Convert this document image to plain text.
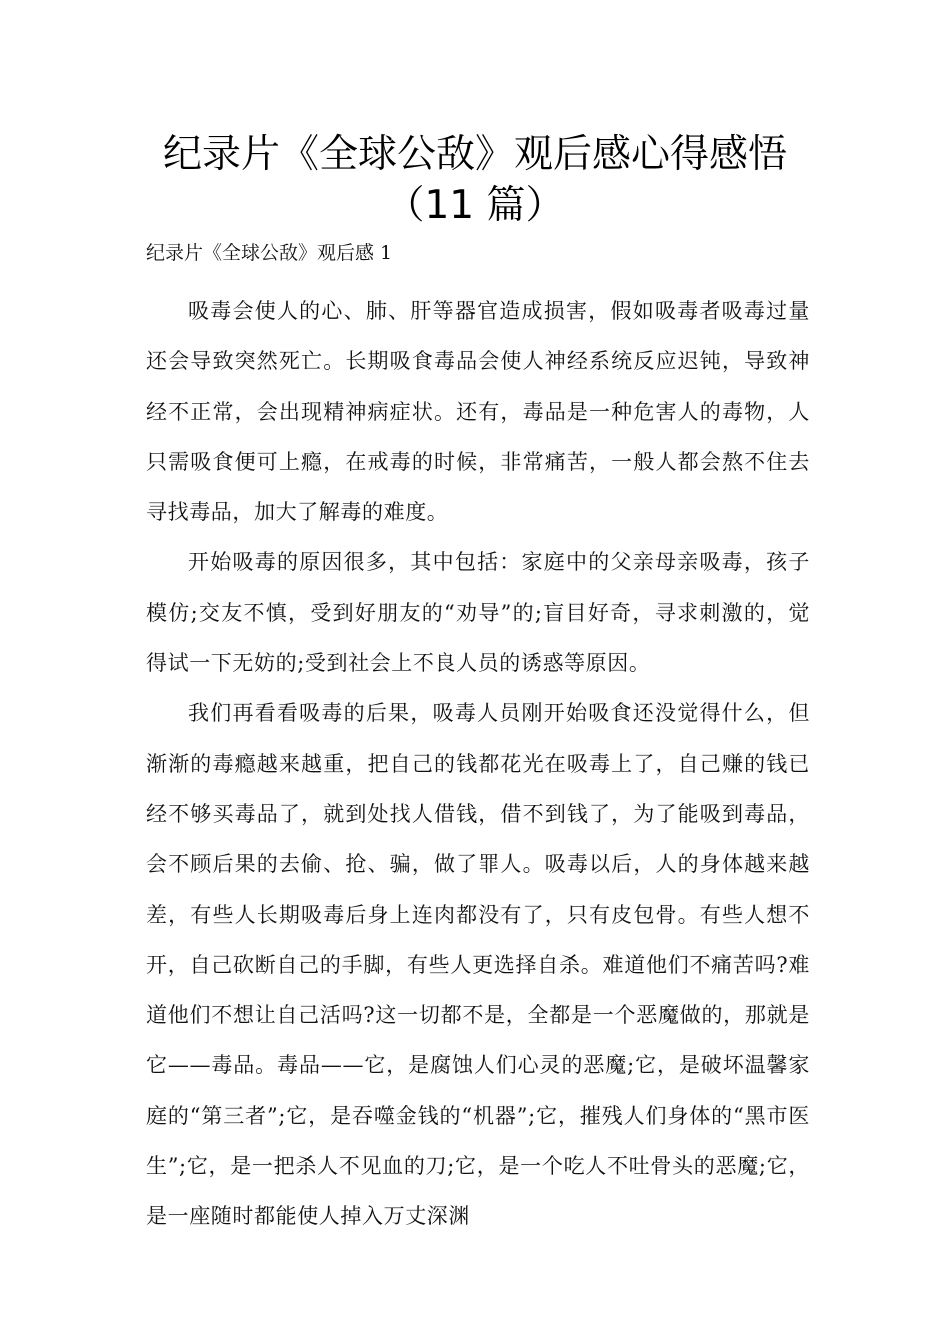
纪录片《全球公敌》观后感心得感悟
（11 篇）

纪录片《全球公敌》观后感 1

吸毒会使人的心、肺、肝等器官造成损害，假如吸毒者吸毒过量还会导致突然死亡。长期吸食毒品会使人神经系统反应迟钝，导致神经不正常，会出现精神病症状。还有，毒品是一种危害人的毒物，人只需吸食便可上瘾，在戒毒的时候，非常痛苦，一般人都会熬不住去寻找毒品，加大了解毒的难度。

开始吸毒的原因很多，其中包括：家庭中的父亲母亲吸毒，孩子模仿;交友不慎，受到好朋友的“劝导”的;盲目好奇，寻求刺激的，觉得试一下无妨的;受到社会上不良人员的诱惑等原因。

我们再看看吸毒的后果，吸毒人员刚开始吸食还没觉得什么，但渐渐的毒瘾越来越重，把自己的钱都花光在吸毒上了，自己赚的钱已经不够买毒品了，就到处找人借钱，借不到钱了，为了能吸到毒品，会不顾后果的去偷、抢、骗，做了罪人。吸毒以后，人的身体越来越差，有些人长期吸毒后身上连肉都没有了，只有皮包骨。有些人想不开，自己砍断自己的手脚，有些人更选择自杀。难道他们不痛苦吗?难道他们不想让自己活吗?这一切都不是，全都是一个恶魔做的，那就是它——毒品。毒品——它，是腐蚀人们心灵的恶魔;它，是破坏温馨家庭的“第三者”;它，是吞噬金钱的“机器”;它，摧残人们身体的“黑市医生”;它，是一把杀人不见血的刀;它，是一个吃人不吐骨头的恶魔;它，是一座随时都能使人掉入万丈深渊
